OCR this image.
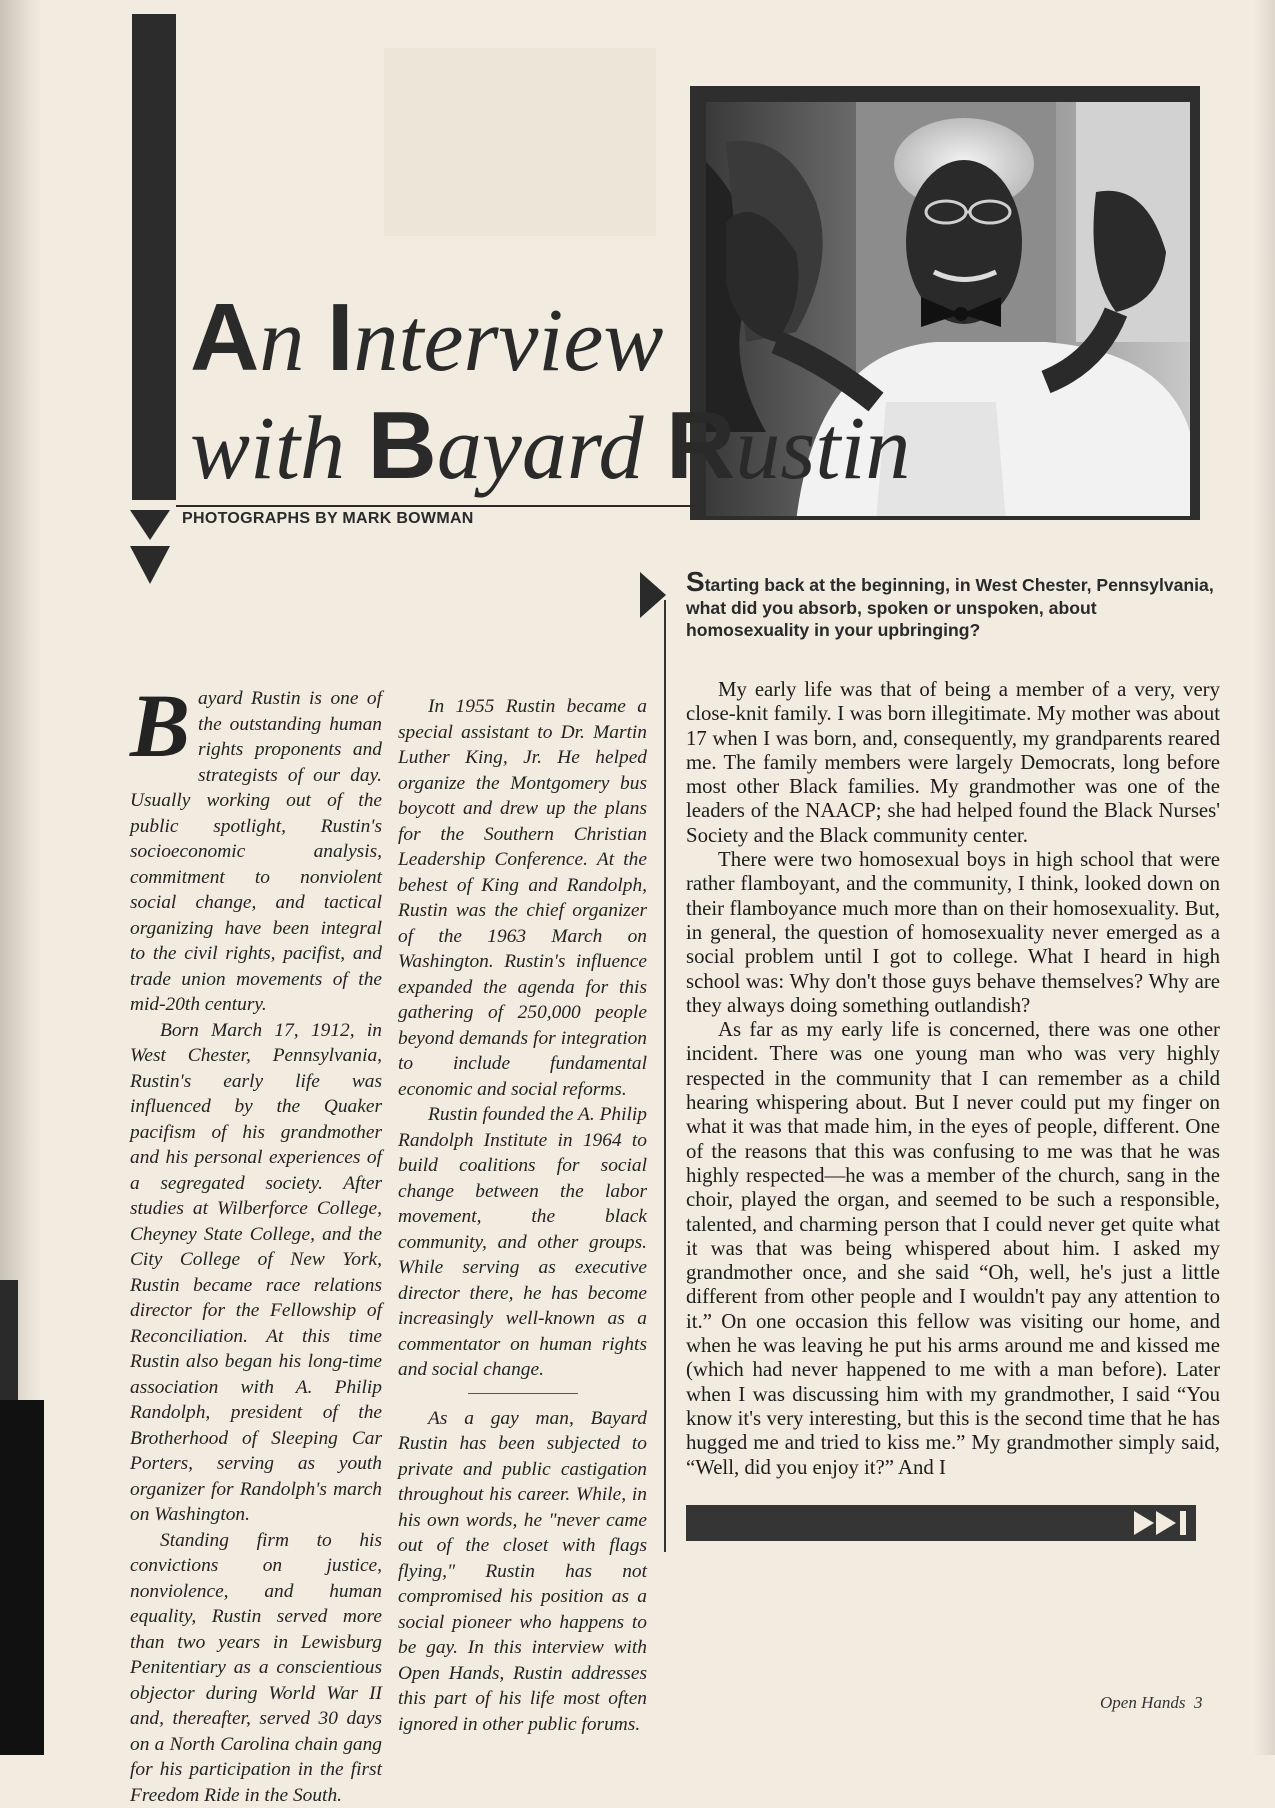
An Interview
with Bayard Rustin
PHOTOGRAPHS BY MARK BOWMAN
B ayard Rustin is one of the outstanding human rights proponents and strategists of our day. Usually working out of the public spotlight, Rustin's socioeconomic analysis, commitment to nonviolent social change, and tactical organizing have been integral to the civil rights, pacifist, and trade union movements of the mid-20th century.

Born March 17, 1912, in West Chester, Pennsylvania, Rustin's early life was influenced by the Quaker pacifism of his grandmother and his personal experiences of a segregated society. After studies at Wilberforce College, Cheyney State College, and the City College of New York, Rustin became race relations director for the Fellowship of Reconciliation. At this time Rustin also began his long-time association with A. Philip Randolph, president of the Brotherhood of Sleeping Car Porters, serving as youth organizer for Randolph's march on Washington.

Standing firm to his convictions on justice, nonviolence, and human equality, Rustin served more than two years in Lewisburg Penitentiary as a conscientious objector during World War II and, thereafter, served 30 days on a North Carolina chain gang for his participation in the first Freedom Ride in the South.

In 1955 Rustin became a special assistant to Dr. Martin Luther King, Jr. He helped organize the Montgomery bus boycott and drew up the plans for the Southern Christian Leadership Conference. At the behest of King and Randolph, Rustin was the chief organizer of the 1963 March on Washington. Rustin's influence expanded the agenda for this gathering of 250,000 people beyond demands for integration to include fundamental economic and social reforms.

Rustin founded the A. Philip Randolph Institute in 1964 to build coalitions for social change between the labor movement, the black community, and other groups. While serving as executive director there, he has become increasingly well-known as a commentator on human rights and social change.

As a gay man, Bayard Rustin has been subjected to private and public castigation throughout his career. While, in his own words, he "never came out of the closet with flags flying," Rustin has not compromised his position as a social pioneer who happens to be gay. In this interview with Open Hands, Rustin addresses this part of his life most often ignored in other public forums.

Starting back at the beginning, in West Chester, Pennsylvania, what did you absorb, spoken or unspoken, about homosexuality in your upbringing?

My early life was that of being a member of a very, very close-knit family. I was born illegitimate. My mother was about 17 when I was born, and, consequently, my grandparents reared me. The family members were largely Democrats, long before most other Black families. My grandmother was one of the leaders of the NAACP; she had helped found the Black Nurses' Society and the Black community center.

There were two homosexual boys in high school that were rather flamboyant, and the community, I think, looked down on their flamboyance much more than on their homosexuality. But, in general, the question of homosexuality never emerged as a social problem until I got to college. What I heard in high school was: Why don't those guys behave themselves? Why are they always doing something outlandish?

As far as my early life is concerned, there was one other incident. There was one young man who was very highly respected in the community that I can remember as a child hearing whispering about. But I never could put my finger on what it was that made him, in the eyes of people, different. One of the reasons that this was confusing to me was that he was highly respected—he was a member of the church, sang in the choir, played the organ, and seemed to be such a responsible, talented, and charming person that I could never get quite what it was that was being whispered about him. I asked my grandmother once, and she said “Oh, well, he's just a little different from other people and I wouldn't pay any attention to it.” On one occasion this fellow was visiting our home, and when he was leaving he put his arms around me and kissed me (which had never happened to me with a man before). Later when I was discussing him with my grandmother, I said “You know it's very interesting, but this is the second time that he has hugged me and tried to kiss me.” My grandmother simply said, “Well, did you enjoy it?” And I

Open Hands 3
